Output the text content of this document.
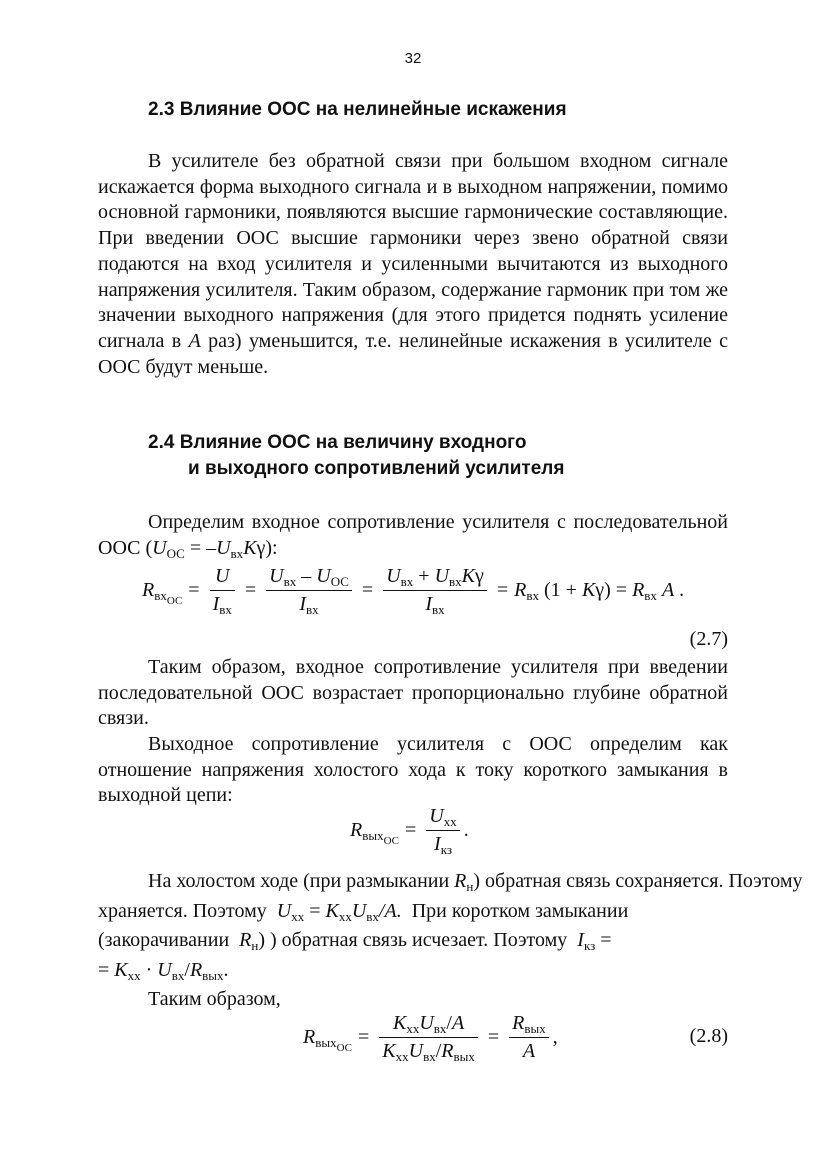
32
2.3 Влияние ООС на нелинейные искажения

В усилителе без обратной связи при большом входном сигнале искажается форма выходного сигнала и в выходном напряжении, помимо основной гармоники, появляются высшие гармонические составляющие. При введении ООС высшие гармоники через звено обратной связи подаются на вход усилителя и усиленными вычитаются из выходного напряжения усилителя. Таким образом, содержание гармоник при том же значении выходного напряжения (для этого придется поднять усиление сигнала в A раз) уменьшится, т.е. нелинейные искажения в усилителе с ООС будут меньше.

2.4 Влияние ООС на величину входного
и выходного сопротивлений усилителя

Определим входное сопротивление усилителя с последовательной ООС $(U_{ОС} = -U_{вх}K\gamma)$:

$R_{вх_{ОС}} = \frac{U}{I_{вх}} = \frac{U_{вх} - U_{ОС}}{I_{вх}} = \frac{U_{вх} + U_{вх}K\gamma}{I_{вх}} = R_{вх}$ $(1 + K\gamma) = R_{вх}$ A .
(2.7)

Таким образом, входное сопротивление усилителя при введении последовательной ООС возрастает пропорционально глубине обратной связи.

Выходное сопротивление усилителя с ООС определим как отношение напряжения холостого хода к току короткого замыкания в выходной цепи:

$R_{вых_{ОС}} = \frac{U_{хх}}{I_{кз}}$ .
На холостом ходе (при размыкании $R_н$) обратная связь сохраняется. Поэтому
храняется. Поэтому  $U_{хх} = K_{хх}U_{вх}/A$. При коротком замыкании
(закорачивании $R_н$) ) обратная связь исчезает. Поэтому $I_{кз}$ =
= $K_{хх} \cdot U_{вх}/R_{вых}$.
Таким образом,
$R_{вых_{ОС}} = \frac{K_{хх}U_{вх}/A}{K_{хх}U_{вх}/R_{вых}} = \frac{R_{вых}}{A}$ ,	(2.8)
